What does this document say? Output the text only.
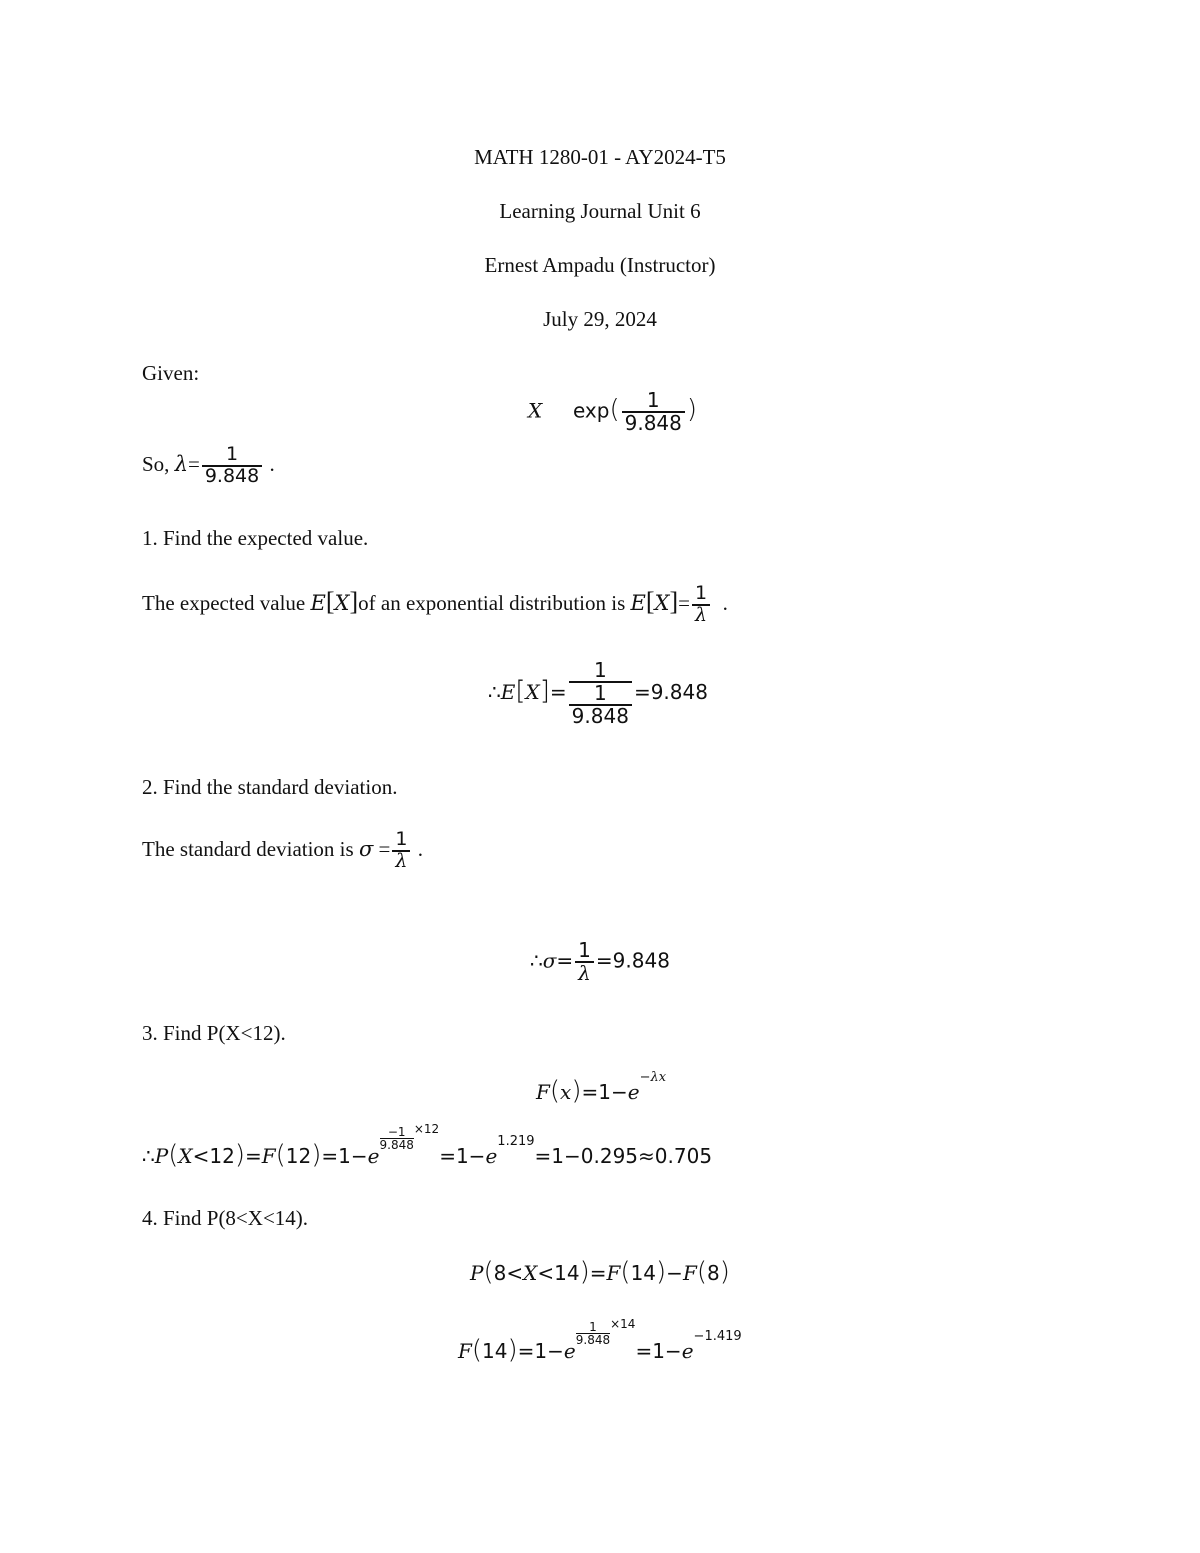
MATH 1280-01 - AY2024-T5
Learning Journal Unit 6
Ernest Ampadu (Instructor)
July 29, 2024
Given:
X $\exp( \frac{1}{9.848}$ )
So, $\lambda= \frac{1}{9.848}$ .
1. Find the expected value.
The expected value E[X]of an exponential distribution is $E[X]= \frac{1}{\lambda}$ .
∴E[X]= $\frac{1}{\frac{1}{9.848}} =9.848$
2. Find the standard deviation.
The standard deviation is $\sigma = \frac{1}{\lambda}$ .
∴σ= $\frac{1}{\lambda} =9.848$
3. Find P(X<12).
$F(x)=1-e^{-\lambda x}$
∴P(X<12)=F(12)=1−e
$\frac{-1}{9.848} ^{\times 12}=1-e^{1.219}=1-0.295\approx 0.705$
4. Find P(8<X<14).
P(8<X<14)=F(14)−F(8)
F(14)=1−e
$\frac{1}{9.848} ^{\times 14}=1-e^{-1.419}$
